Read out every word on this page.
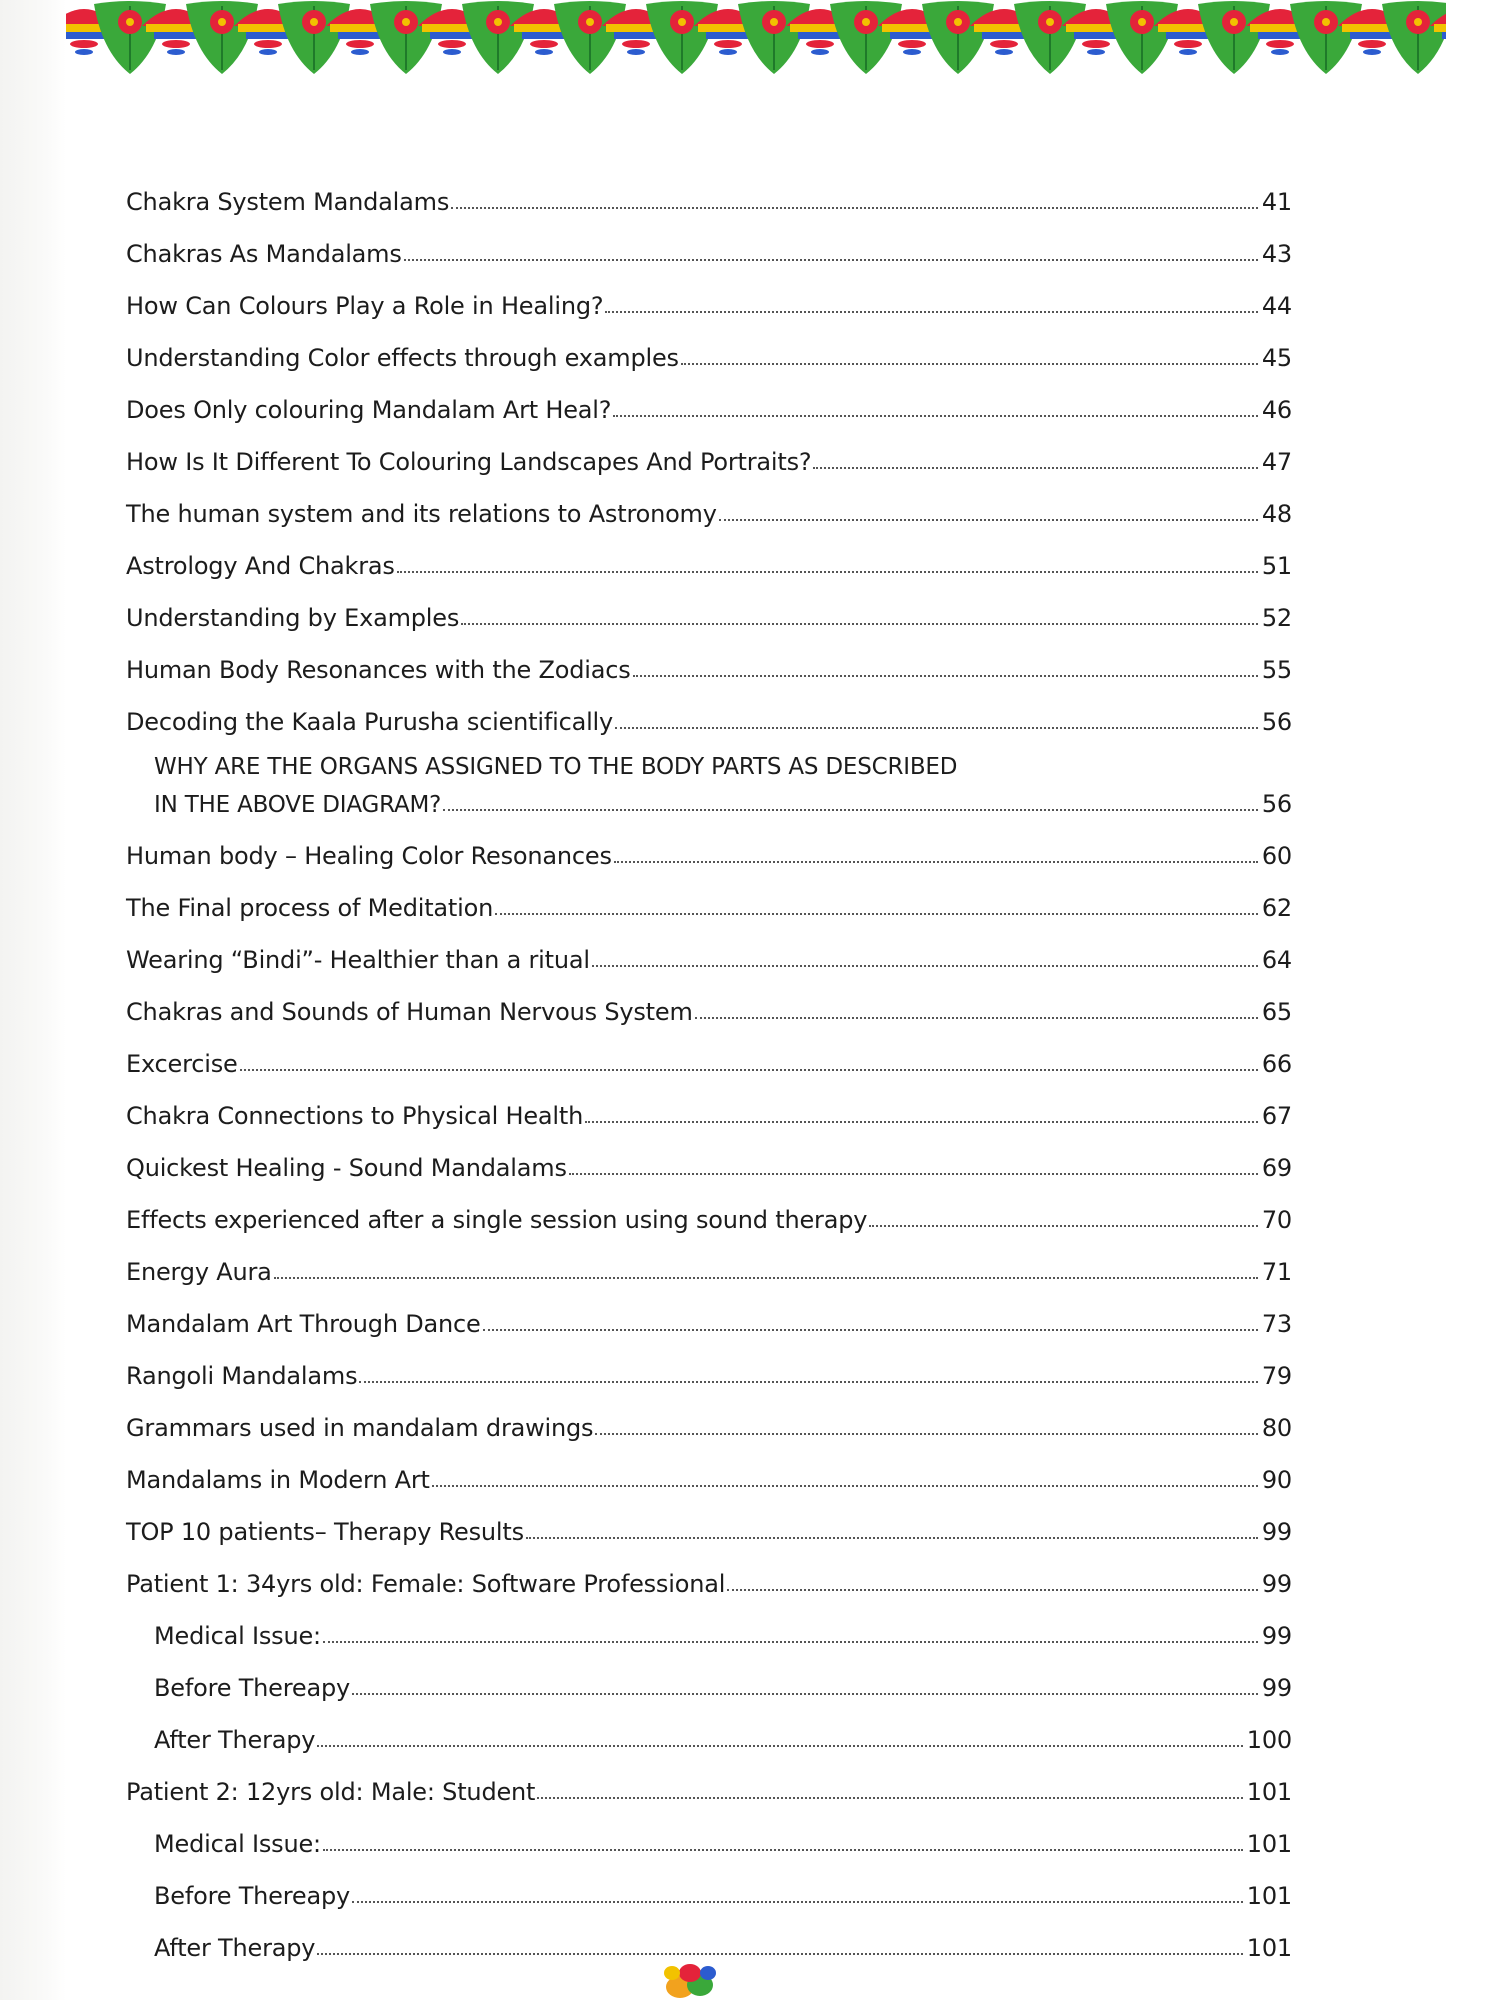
Chakra System Mandalams	41
Chakras As Mandalams	43
How Can Colours Play a Role in Healing?	44
Understanding Color effects through examples	45
Does Only colouring Mandalam Art Heal?	46
How Is It Different To Colouring Landscapes And Portraits?	47
The human system and its relations to Astronomy	48
Astrology And Chakras	51
Understanding by Examples	52
Human Body Resonances with the Zodiacs	55
Decoding the Kaala Purusha scientifically	56
WHY ARE THE ORGANS ASSIGNED TO THE BODY PARTS AS DESCRIBED
IN THE ABOVE DIAGRAM?	56
Human body – Healing Color Resonances	60
The Final process of Meditation	62
Wearing “Bindi”- Healthier than a ritual	64
Chakras and Sounds of Human Nervous System	65
Excercise	66
Chakra Connections to Physical Health	67
Quickest Healing - Sound Mandalams	69
Effects experienced after a single session using sound therapy	70
Energy Aura	71
Mandalam Art Through Dance	73
Rangoli Mandalams	79
Grammars used in mandalam drawings	80
Mandalams in Modern Art	90
TOP 10 patients– Therapy Results	99
Patient 1: 34yrs old: Female: Software Professional	99
Medical Issue:	99
Before Thereapy	99
After Therapy	100
Patient 2: 12yrs old: Male: Student	101
Medical Issue:	101
Before Thereapy	101
After Therapy	101
